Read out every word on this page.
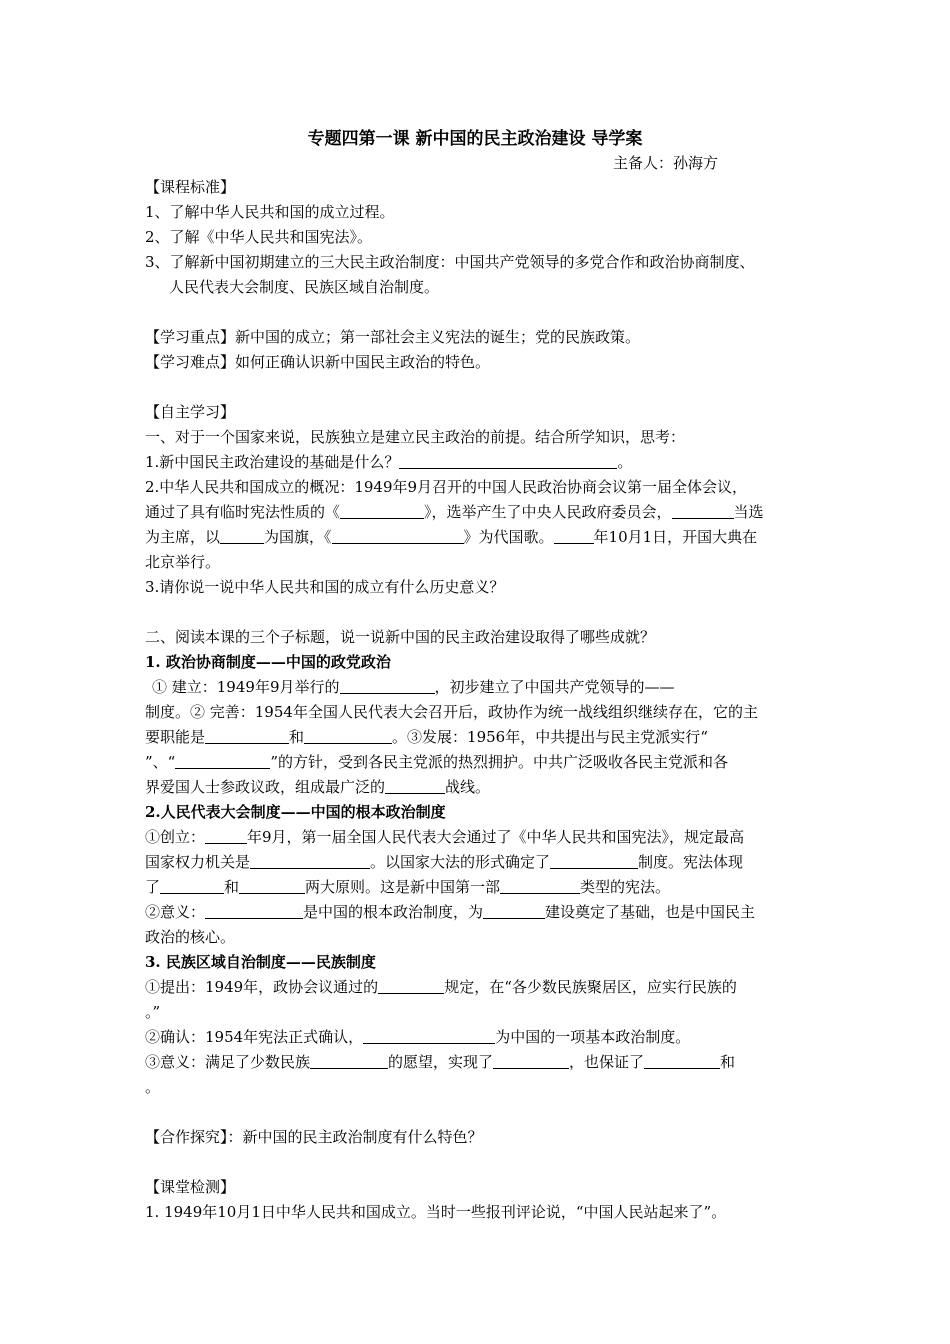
专题四第一课 新中国的民主政治建设 导学案
主备人：孙海方
【课程标准】
1、了解中华人民共和国的成立过程。
2、了解《中华人民共和国宪法》。
3、了解新中国初期建立的三大民主政治制度：中国共产党领导的多党合作和政治协商制度、
人民代表大会制度、民族区域自治制度。
【学习重点】新中国的成立；第一部社会主义宪法的诞生；党的民族政策。
【学习难点】如何正确认识新中国民主政治的特色。
【自主学习】
一、对于一个国家来说，民族独立是建立民主政治的前提。结合所学知识，思考：
1.新中国民主政治建设的基础是什么？	。
2.中华人民共和国成立的概况：1949年9月召开的中国人民政治协商会议第一届全体会议，
通过了具有临时宪法性质的《	》，选举产生了中央人民政府委员会，	当选
为主席，以	为国旗，《	》为代国歌。	年10月1日，开国大典在
北京举行。
3.请你说一说中华人民共和国的成立有什么历史意义？
二、阅读本课的三个子标题，说一说新中国的民主政治建设取得了哪些成就？
1. 政治协商制度——中国的政党政治
① 建立：1949年9月举行的	，初步建立了中国共产党领导的——
制度。② 完善：1954年全国人民代表大会召开后，政协作为统一战线组织继续存在，它的主
要职能是	和	。③发展：1956年，中共提出与民主党派实行“
”、“	”的方针，受到各民主党派的热烈拥护。中共广泛吸收各民主党派和各
界爱国人士参政议政，组成最广泛的	战线。
2.人民代表大会制度——中国的根本政治制度
①创立：	年9月，第一届全国人民代表大会通过了《中华人民共和国宪法》，规定最高
国家权力机关是	。以国家大法的形式确定了	制度。宪法体现
了	和	两大原则。这是新中国第一部	类型的宪法。
②意义：	是中国的根本政治制度，为	建设奠定了基础，也是中国民主
政治的核心。
3. 民族区域自治制度——民族制度
①提出：1949年，政协会议通过的	规定，在“各少数民族聚居区，应实行民族的
。”
②确认：1954年宪法正式确认，	为中国的一项基本政治制度。
③意义：满足了少数民族	的愿望，实现了	，也保证了	和
。
【合作探究】：新中国的民主政治制度有什么特色？
【课堂检测】
1. 1949年10月1日中华人民共和国成立。当时一些报刊评论说，“中国人民站起来了”。
